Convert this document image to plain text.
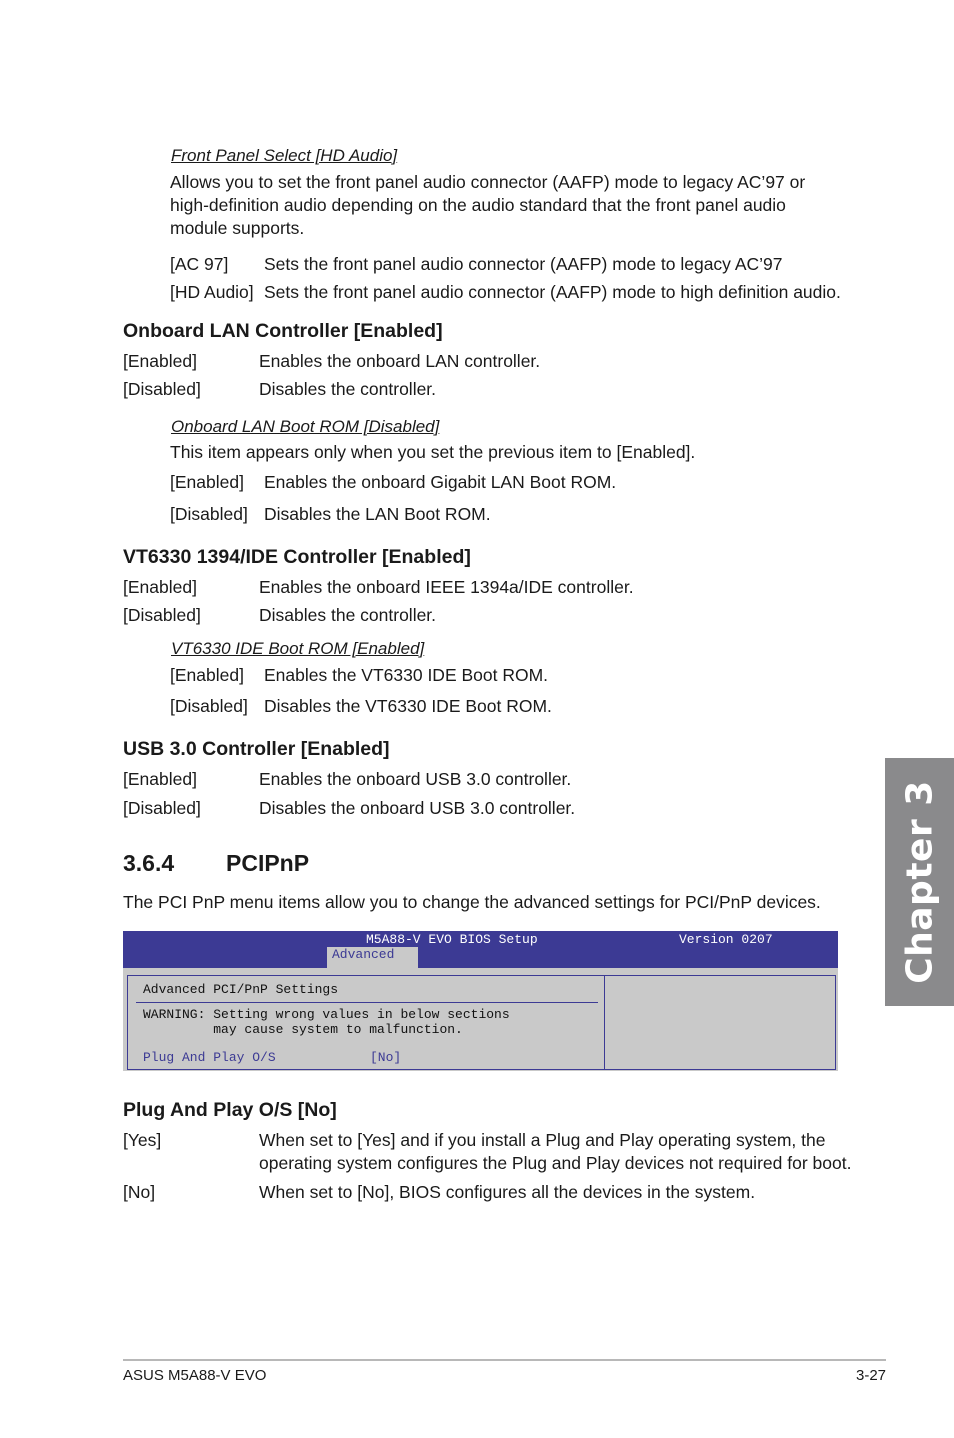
Front Panel Select [HD Audio]
Allows you to set the front panel audio connector (AAFP) mode to legacy AC’97 or
high-definition audio depending on the audio standard that the front panel audio
module supports.
[AC 97] Sets the front panel audio connector (AAFP) mode to legacy AC’97
[HD Audio] Sets the front panel audio connector (AAFP) mode to high definition audio.
Onboard LAN Controller [Enabled]
[Enabled]	Enables the onboard LAN controller.
[Disabled]	Disables the controller.
Onboard LAN Boot ROM [Disabled]
This item appears only when you set the previous item to [Enabled].
[Enabled] Enables the onboard Gigabit LAN Boot ROM.
[Disabled] Disables the LAN Boot ROM.
VT6330 1394/IDE Controller [Enabled]
[Enabled]	Enables the onboard IEEE 1394a/IDE controller.
[Disabled]	Disables the controller.
VT6330 IDE Boot ROM [Enabled]
[Enabled] Enables the VT6330 IDE Boot ROM.
[Disabled] Disables the VT6330 IDE Boot ROM.
USB 3.0 Controller [Enabled]
[Enabled]	Enables the onboard USB 3.0 controller.
[Disabled]	Disables the onboard USB 3.0 controller.
3.6.4 PCIPnP
The PCI PnP menu items allow you to change the advanced settings for PCI/PnP devices.
M5A88-V EVO BIOS Setup	Version 0207
Advanced
Advanced PCI/PnP Settings
WARNING: Setting wrong values in below sections
may cause system to malfunction.
Plug And Play O/S	[No]
Plug And Play O/S [No]
[Yes]	When set to [Yes] and if you install a Plug and Play operating system, the
operating system configures the Plug and Play devices not required for boot.
[No]	When set to [No], BIOS configures all the devices in the system.
Chapter 3
ASUS M5A88-V EVO	3-27
